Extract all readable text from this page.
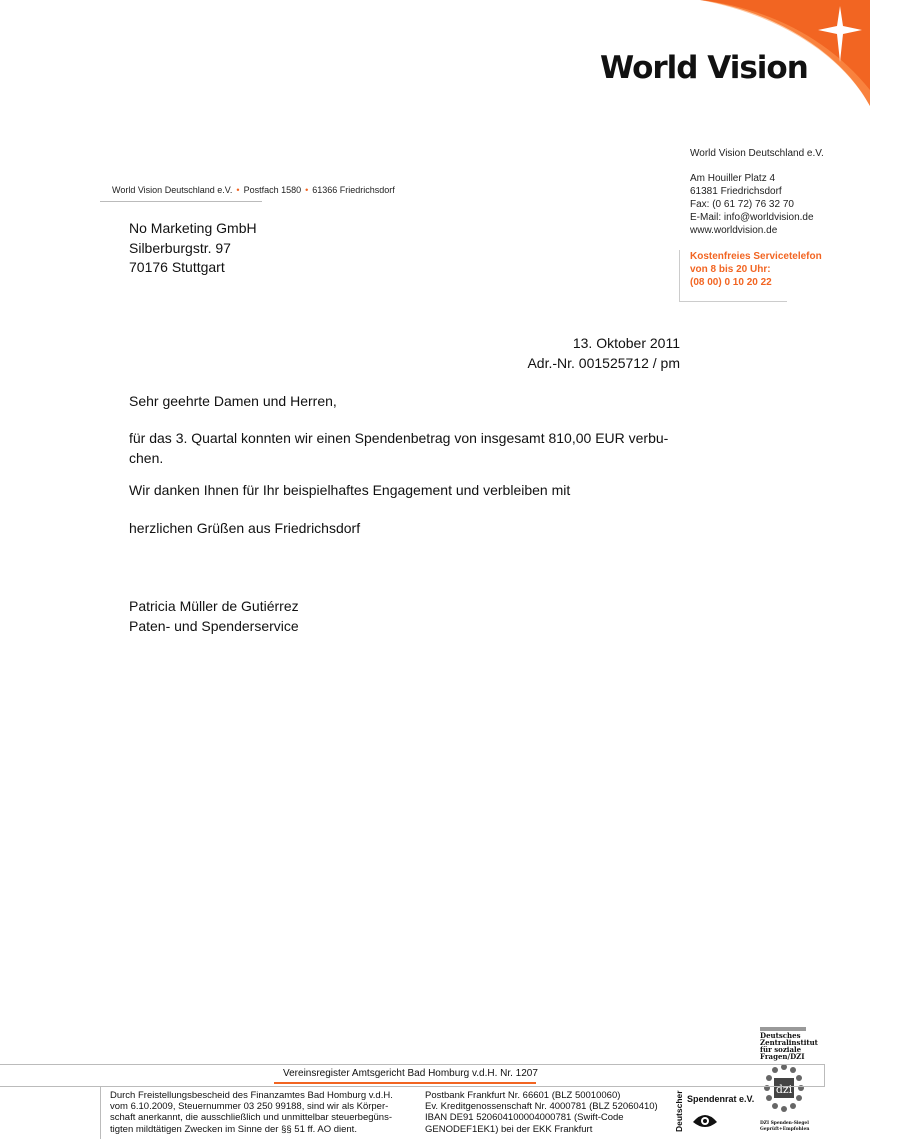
World Vision
World Vision Deutschland e.V. • Postfach 1580 • 61366 Friedrichsdorf
No Marketing GmbH
Silberburgstr. 97
70176 Stuttgart
World Vision Deutschland e.V.
Am Houiller Platz 4
61381 Friedrichsdorf
Fax: (0 61 72) 76 32 70
E-Mail: info@worldvision.de
www.worldvision.de
Kostenfreies Servicetelefon
von 8 bis 20 Uhr:
(08 00) 0 10 20 22
13. Oktober 2011
Adr.-Nr. 001525712 / pm
Sehr geehrte Damen und Herren,
für das 3. Quartal konnten wir einen Spendenbetrag von insgesamt 810,00 EUR verbu-
chen.
Wir danken Ihnen für Ihr beispielhaftes Engagement und verbleiben mit
herzlichen Grüßen aus Friedrichsdorf
Patricia Müller de Gutiérrez
Paten- und Spenderservice
Deutsches
Zentralinstitut
für soziale
Fragen/DZI
dzi
DZI Spenden-Siegel
Geprüft+Empfohlen
Vereinsregister Amtsgericht Bad Homburg v.d.H. Nr. 1207
Durch Freistellungsbescheid des Finanzamtes Bad Homburg v.d.H.
vom 6.10.2009, Steuernummer 03 250 99188, sind wir als Körper-
schaft anerkannt, die ausschließlich und unmittelbar steuerbegüns-
tigten mildtätigen Zwecken im Sinne der §§ 51 ff. AO dient.
Postbank Frankfurt Nr. 66601 (BLZ 50010060)
Ev. Kreditgenossenschaft Nr. 4000781 (BLZ 52060410)
IBAN DE91 520604100004000781 (Swift-Code
GENODEF1EK1) bei der EKK Frankfurt	Deutscher Spendenrat e.V.
